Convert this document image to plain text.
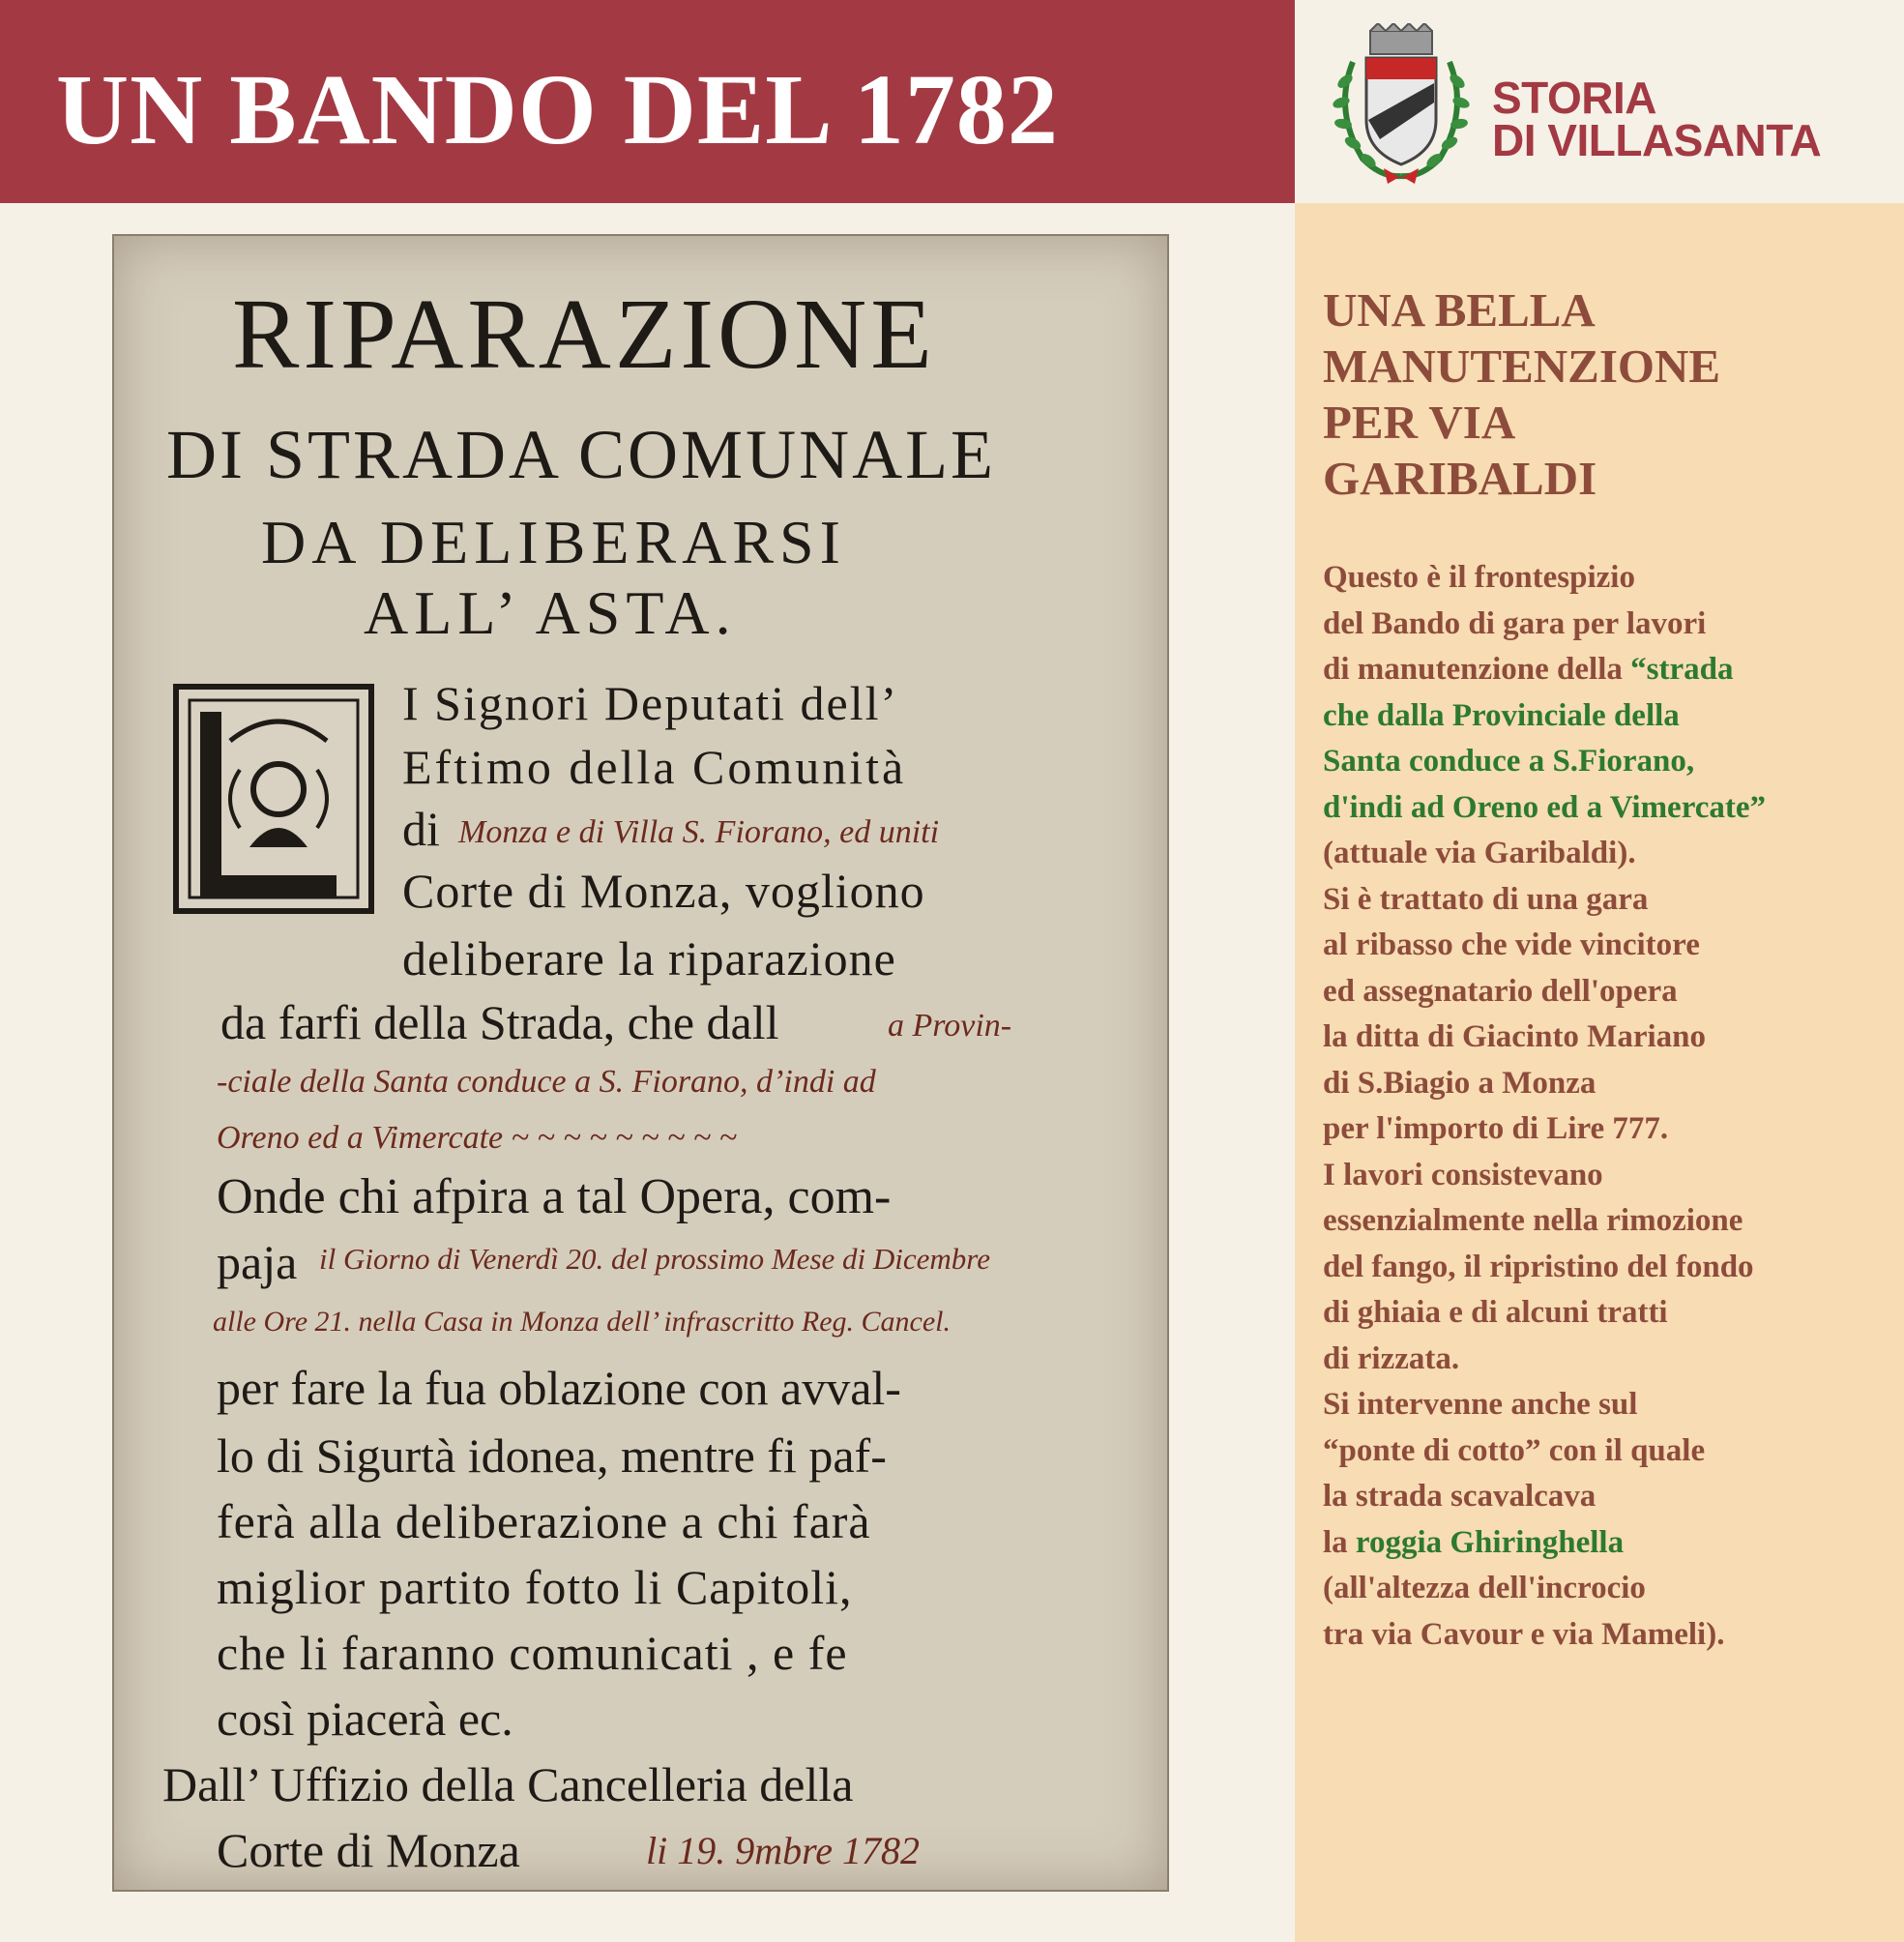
UN BANDO DEL 1782	STORIA
DI VILLASANTA
RIPARAZIONE
DI STRADA COMUNALE
DA DELIBERARSI
ALL’ ASTA.
I Signori Deputati dell’
Eftimo della Comunità
di Monza e di Villa S. Fiorano, ed uniti
Corte di Monza, vogliono
deliberare la riparazione
da farfi della Strada, che dall	a Provin-
-ciale della Santa conduce a S. Fiorano, d’indi ad
Oreno ed a Vimercate ~ ~ ~ ~ ~ ~ ~ ~ ~
Onde chi afpira a tal Opera, com-
paja il Giorno di Venerdì 20. del prossimo Mese di Dicembre
alle Ore 21. nella Casa in Monza dell’ infrascritto Reg. Cancel.
per fare la fua oblazione con avval-
lo di Sigurtà idonea, mentre fi paf-
ferà alla deliberazione a chi farà
miglior partito fotto li Capitoli,
che li faranno comunicati , e fe
così piacerà ec.
Dall’ Uffizio della Cancelleria della
Corte di Monza	li 19. 9mbre 1782
UNA BELLA
MANUTENZIONE
PER VIA
GARIBALDI
Questo è il frontespizio
del Bando di gara per lavori
di manutenzione della “strada
che dalla Provinciale della
Santa conduce a S.Fiorano,
d'indi ad Oreno ed a Vimercate”
(attuale via Garibaldi).
Si è trattato di una gara
al ribasso che vide vincitore
ed assegnatario dell'opera
la ditta di Giacinto Mariano
di S.Biagio a Monza
per l'importo di Lire 777.
I lavori consistevano
essenzialmente nella rimozione
del fango, il ripristino del fondo
di ghiaia e di alcuni tratti
di rizzata.
Si intervenne anche sul
“ponte di cotto” con il quale
la strada scavalcava
la roggia Ghiringhella
(all'altezza dell'incrocio
tra via Cavour e via Mameli).
